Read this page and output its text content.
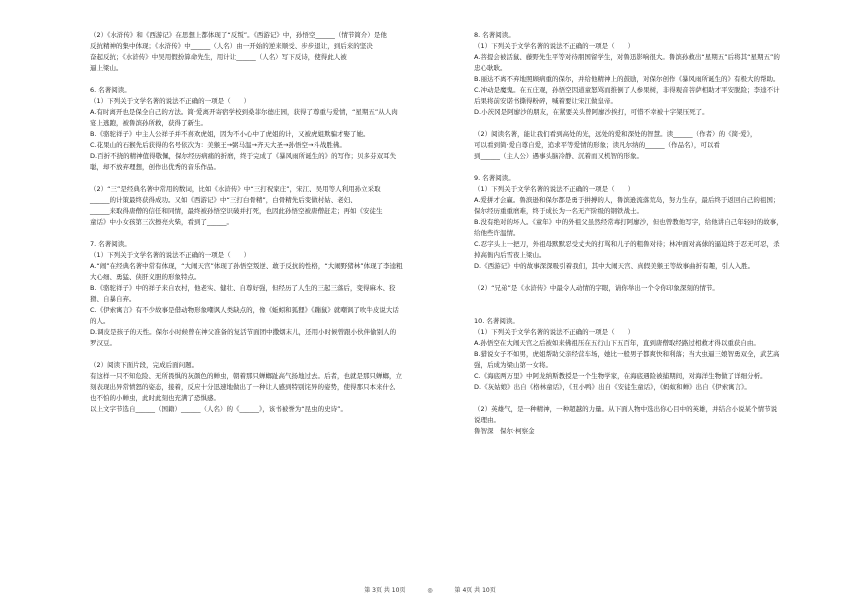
（2）《水浒传》和《西游记》在思想上都体现了“反叛”。《西游记》中，孙悟空______（情节简介）是他
反抗精神的集中体现；《水浒传》中______（人名）由一开始的逆来顺受、步步退让，到后来的坚决
奋起反抗；《水浒传》中吴用假扮算命先生，用计让______（人名）写下反诗，使得此人被
逼上梁山。
6. 名著阅读。
（1）下列关于文学名著的说法不正确的一项是（　　）
A.有时离开也是保全自己的方法。简·爱离开寄宿学校到桑菲尔德庄园，获得了尊重与爱情，“星期五”从人肉
宴上逃跑，被鲁滨孙所救，获得了新生。
B.《骆驼祥子》中主人公祥子并不喜欢虎姐，因为不小心中了虎姐的计，又被虎姐欺骗才娶了她。
C.花果山的石猴先后获得的名号依次为：美猴王→弼马温→齐天大圣→孙悟空→斗战胜佛。
D.百折不挠的精神值得敬佩，保尔经历病痛的折磨，终于完成了《暴风雨所诞生的》的写作；贝多芬双耳失
聪，却不放弃理想，创作出优秀的音乐作品。
（2）“三”是经典名著中常用的数词，比如《水浒传》中“三打祝家庄”，宋江、吴用等人利用孙立采取
______的计策最终获得成功。又如《西游记》中“三打白骨精”，白骨精先后变做村姑、老妇、
______来取得唐僧的信任和同情，最终被孙悟空识破并打死，也因此孙悟空被唐僧赶走；再如《安徒生
童话》中小女孩第三次擦亮火柴，看到了______。
7. 名著阅读。
（1）下列关于文学名著的说法不正确的一项是（　　）
A.“闹”在经典名著中常有体现，“大闹天宫”体现了孙悟空叛逆、敢于反抗的性格，“大闹野猪林”体现了李逵粗
大心细、勇猛、侠肝义胆的形象特点。
B.《骆驼祥子》中的祥子来自农村，他老实、健壮、自尊好强，但经历了人生的三起三落后，变得麻木、狡
猾、自暴自弃。
C.《伊索寓言》有不少故事是借动物形象嘲讽人类缺点的，像《蚯蚓和狐狸》《蹦鼠》就嘲讽了吹牛皮说大话
的人。
D.调皮是孩子的天性。保尔小时候曾在神父准备的复活节面团中撒烟末儿，还用小时候曾跟小伙伴偷别人的
罗汉豆。
（2）阅读下面片段，完成后面问题。
有这样一只不知危险、无所畏惧的灰颜色的蝉虫，朝着那只蝉螂趾高气扬地过去。后者，也就是那只蝉螂，立
刻表现出异常愤怒的姿态，接着，反应十分迅速地做出了一种让人感到特别诧异的姿势，使得那只本来什么
也不怕的小蝉虫，此时此刻也充满了恐惧感。
以上文字节选自______（国籍）______（人名）的《______》，该书被誉为“昆虫的史诗”。
8. 名著阅读。
（1）下列关于文学名著的说法不正确的一项是（　　）
A.菩提会被活鼠、藤野先生平等对待朋国留学生，对鲁迅影响很大。鲁滨孙救出“星期五”后将其“星期五”的
忠心耿耿。
B.丽达不离不弃地照顾病重的保尔，并给他精神上的鼓励，对保尔创作《暴风雨所诞生的》有极大的帮助。
C.冲动是魔鬼。在五庄观，孙悟空因道童怒骂而推倒了人参果树，非得观音菩萨相助才平安脱险；李逵不计
后果将前安诺书撕得粉碎，喊着要让宋江做皇帝。
D.小茨冈是阿廖沙的朋友，在紧要关头曾阿廖沙挨打，可惜不幸被十字架压死了。
（2）阅读名著，能让我们看到高处的光，远处的爱和深处的智慧。读______（作者）的《简·爱》，
可以看到简·爱自尊自爱，追求平等爱情的形象；读凡尔纳的______（作品名），可以看
到______（主人公）遇事头脑冷静、沉着而又机智的形象。
9. 名著阅读。
（1）下列关于文学名著的说法不正确的一项是（　　）
A.爱拼才会赢。鲁滨逊和保尔都是勇于拼搏的人，鲁滨逊流落荒岛，努力生存，最后终于返回自己的祖国；
保尔经历重重磨难，终于成长为一名无产阶级的钢铁战士。
B.没有绝对的坏人。《童年》中的外祖父虽然经常毒打阿廖沙，但也曾教他写字，给他讲自己年轻时的故事，
给他些许温情。
C.忍字头上一把刀，外祖母默默忍受丈夫的打骂和儿子的粗鲁对待；林冲面对高俅的逼迫终于忍无可忍，杀
掉高衙内后雪夜上梁山。
D.《西游记》中的故事深深吸引着我们，其中大闹天宫、真假美猴王等故事曲折有趣，引人入胜。
（2）“兄弟”是《水浒传》中最令人动情的字眼，请你举出一个令你印象深刻的情节。
10. 名著阅读。
（1）下列关于文学名著的说法不正确的一项是（　　）
A.孙悟空在大闹天宫之后被如来佛祖压在五行山下五百年，直到唐僧取经路过相救才得以重获自由。
B.猎说女子不如男，虎姐帮助父亲经营车场，她比一般男子都爽快和利落；当大虫逼三娘智勇双全，武艺高
强，后成为梁山第一女将。
C.《海底两万里》中阿龙纳斯教授是一个生物学家，在海底遇险被捕期间，对海洋生物做了详细分析。
D.《灰姑娘》出自《格林童话》，《丑小鸭》出自《安徒生童话》，《蚂蚁和蝉》出自《伊索寓言》。
（2）英雄气，是一种精神，一种超越的力量。从下面人物中选出你心目中的英雄，并结合小说某个情节说
说理由。
鲁智深　保尔·柯察金
第 3页 共 10页	◎	第 4页 共 10页
